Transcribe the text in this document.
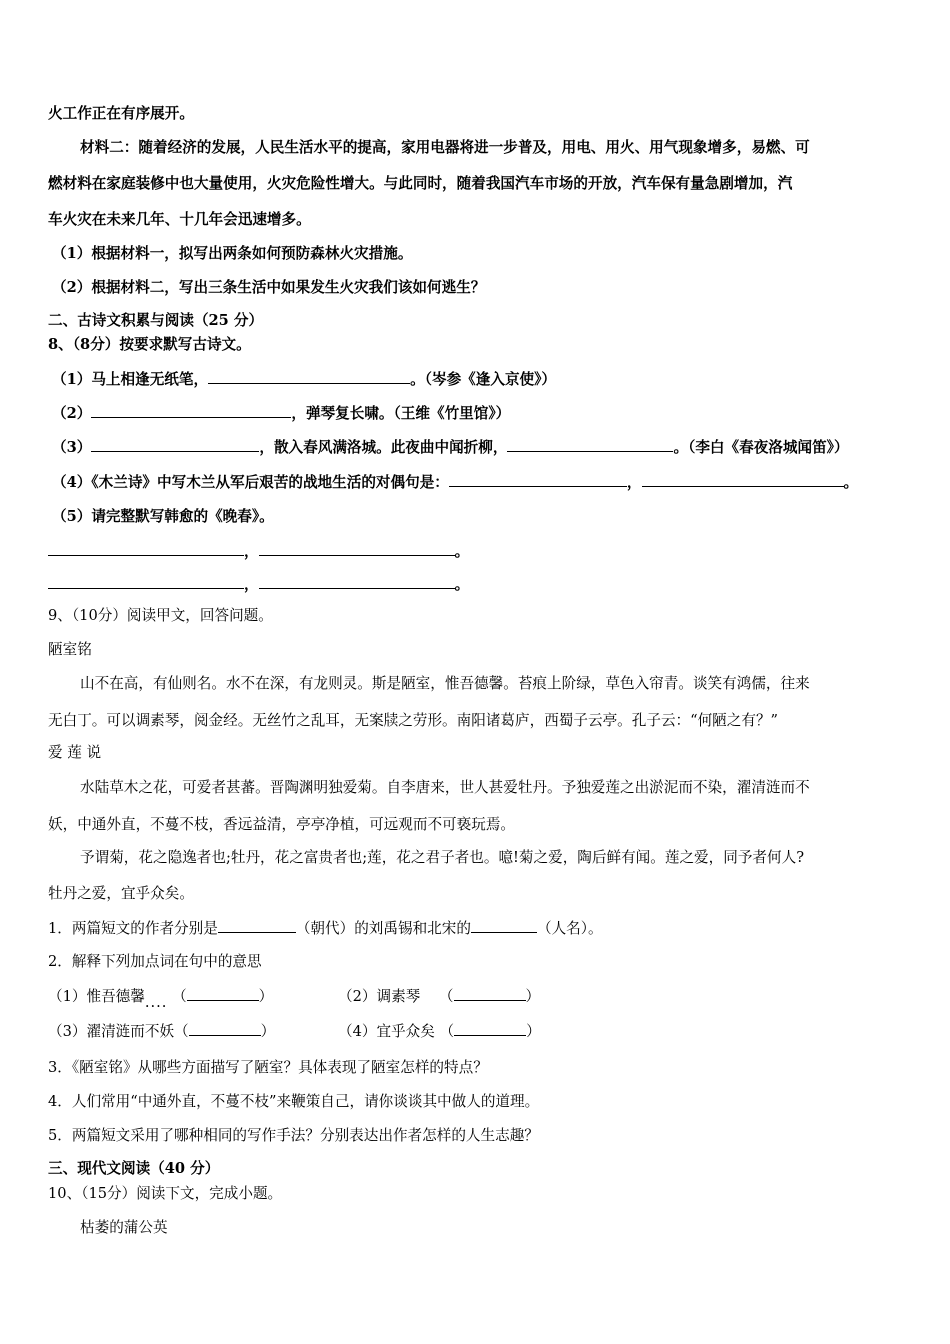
火工作正在有序展开。
材料二：随着经济的发展，人民生活水平的提高，家用电器将进一步普及，用电、用火、用气现象增多，易燃、可
燃材料在家庭装修中也大量使用，火灾危险性增大。与此同时，随着我国汽车市场的开放，汽车保有量急剧增加，汽
车火灾在未来几年、十几年会迅速增多。
（1）根据材料一，拟写出两条如何预防森林火灾措施。
（2）根据材料二，写出三条生活中如果发生火灾我们该如何逃生？
二、古诗文积累与阅读（25 分）
8、（8分）按要求默写古诗文。
（1）马上相逢无纸笔，	。（岑参《逢入京使》）
（2）	，弹琴复长啸。（王维《竹里馆》）
（3）	，散入春风满洛城。此夜曲中闻折柳，	。（李白《春夜洛城闻笛》）
（4）《木兰诗》中写木兰从军后艰苦的战地生活的对偶句是：	，	。
（5）请完整默写韩愈的《晚春》。
，	。
，	。
9、（10分）阅读甲文，回答问题。
陋室铭
山不在高，有仙则名。水不在深，有龙则灵。斯是陋室，惟吾德馨。苔痕上阶绿，草色入帘青。谈笑有鸿儒，往来
无白丁。可以调素琴，阅金经。无丝竹之乱耳，无案牍之劳形。南阳诸葛庐，西蜀子云亭。孔子云：“何陋之有？”
爱 莲 说
水陆草木之花，可爱者甚蕃。晋陶渊明独爱菊。自李唐来，世人甚爱牡丹。予独爱莲之出淤泥而不染，濯清涟而不
妖，中通外直，不蔓不枝，香远益清，亭亭净植，可远观而不可亵玩焉。
予谓菊，花之隐逸者也;牡丹，花之富贵者也;莲，花之君子者也。噫!菊之爱，陶后鲜有闻。莲之爱，同予者何人?
牡丹之爱，宜乎众矣。
1．两篇短文的作者分别是	（朝代）的刘禹锡和北宋的	（人名）。
2．解释下列加点词在句中的意思
（1）惟吾德馨.... （	）	（2）调素琴 （	）
（3）濯清涟而不妖（	）	（4）宜乎众矣 （	）
3．《陋室铭》从哪些方面描写了陋室？具体表现了陋室怎样的特点？
4．人们常用“中通外直，不蔓不枝”来鞭策自己，请你谈谈其中做人的道理。
5．两篇短文采用了哪种相同的写作手法？分别表达出作者怎样的人生志趣？
三、现代文阅读（40 分）
10、（15分）阅读下文，完成小题。
枯萎的蒲公英
